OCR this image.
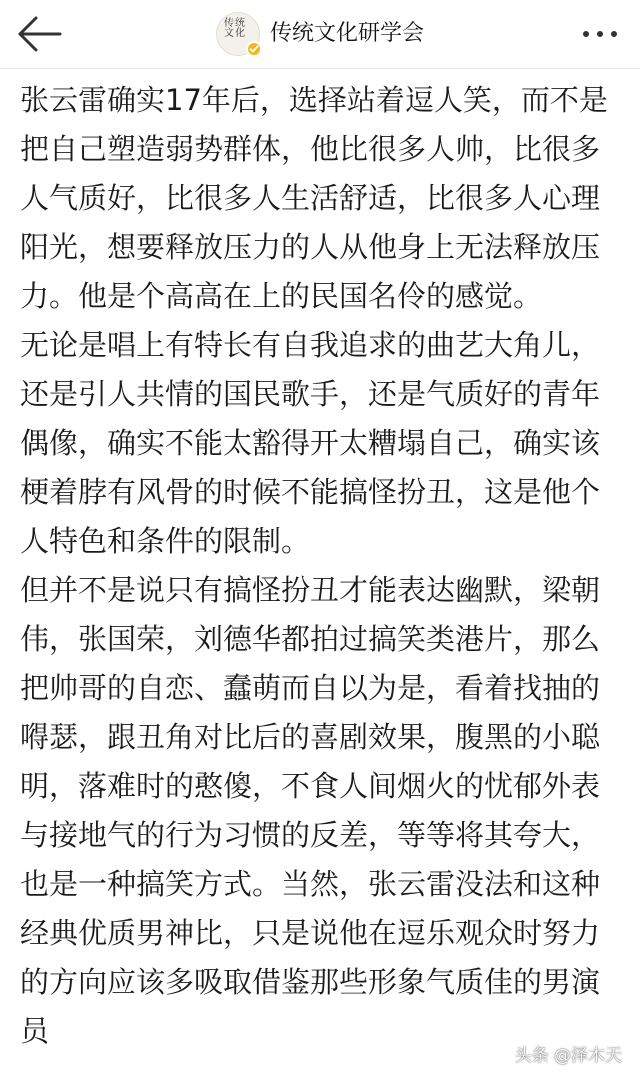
传统
文化 传统文化研学会

张云雷确实17年后，选择站着逗人笑，而不是把自己塑造弱势群体，他比很多人帅，比很多人气质好，比很多人生活舒适，比很多人心理阳光，想要释放压力的人从他身上无法释放压力。他是个高高在上的民国名伶的感觉。

无论是唱上有特长有自我追求的曲艺大角儿，还是引人共情的国民歌手，还是气质好的青年偶像，确实不能太豁得开太糟塌自己，确实该梗着脖有风骨的时候不能搞怪扮丑，这是他个人特色和条件的限制。

但并不是说只有搞怪扮丑才能表达幽默，梁朝伟，张国荣，刘德华都拍过搞笑类港片，那么把帅哥的自恋、蠢萌而自以为是，看着找抽的嘚瑟，跟丑角对比后的喜剧效果，腹黑的小聪明，落难时的憨傻，不食人间烟火的忧郁外表与接地气的行为习惯的反差，等等将其夸大，也是一种搞笑方式。当然，张云雷没法和这种经典优质男神比，只是说他在逗乐观众时努力的方向应该多吸取借鉴那些形象气质佳的男演员

头条 @泽木天
